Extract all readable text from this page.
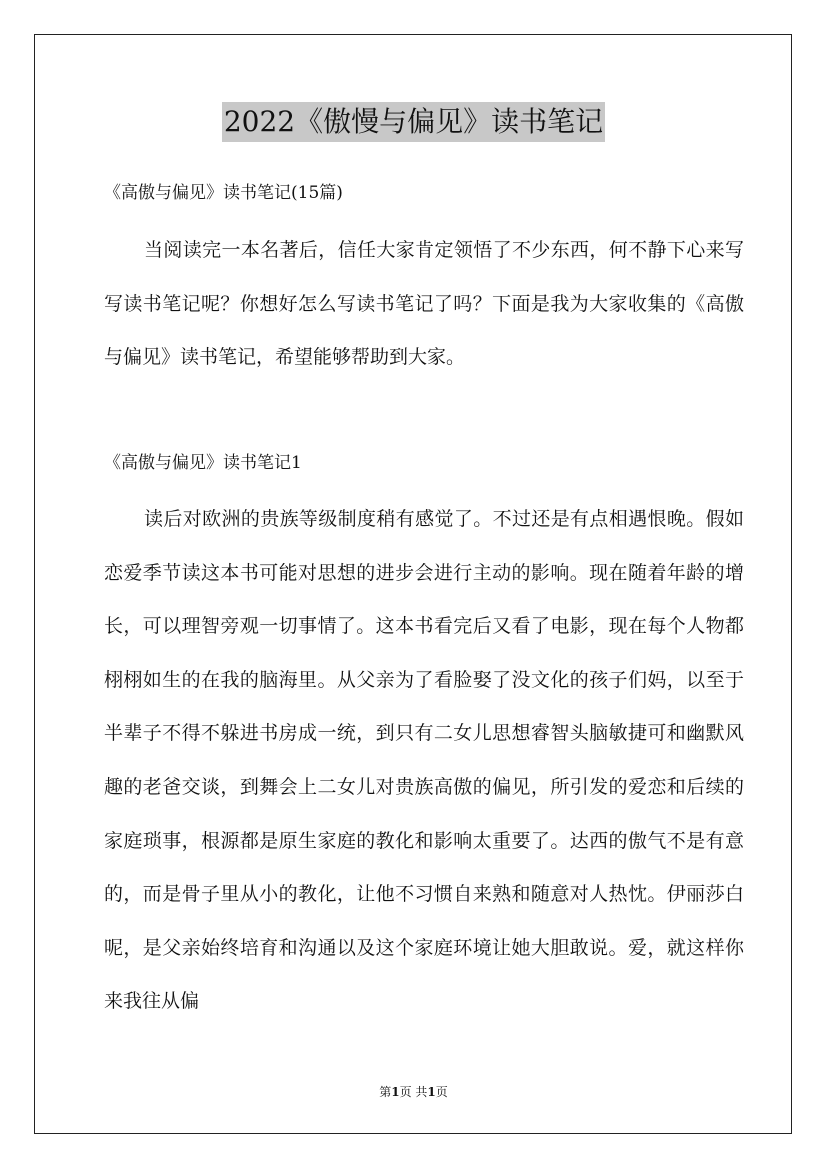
2022《傲慢与偏见》读书笔记
《高傲与偏见》读书笔记(15篇)

当阅读完一本名著后，信任大家肯定领悟了不少东西，何不静下心来写写读书笔记呢？你想好怎么写读书笔记了吗？下面是我为大家收集的《高傲与偏见》读书笔记，希望能够帮助到大家。

《高傲与偏见》读书笔记1

读后对欧洲的贵族等级制度稍有感觉了。不过还是有点相遇恨晚。假如恋爱季节读这本书可能对思想的进步会进行主动的影响。现在随着年龄的增长，可以理智旁观一切事情了。这本书看完后又看了电影，现在每个人物都栩栩如生的在我的脑海里。从父亲为了看脸娶了没文化的孩子们妈，以至于半辈子不得不躲进书房成一统，到只有二女儿思想睿智头脑敏捷可和幽默风趣的老爸交谈，到舞会上二女儿对贵族高傲的偏见，所引发的爱恋和后续的家庭琐事，根源都是原生家庭的教化和影响太重要了。达西的傲气不是有意的，而是骨子里从小的教化，让他不习惯自来熟和随意对人热忱。伊丽莎白呢，是父亲始终培育和沟通以及这个家庭环境让她大胆敢说。爱，就这样你来我往从偏

第1页 共1页
